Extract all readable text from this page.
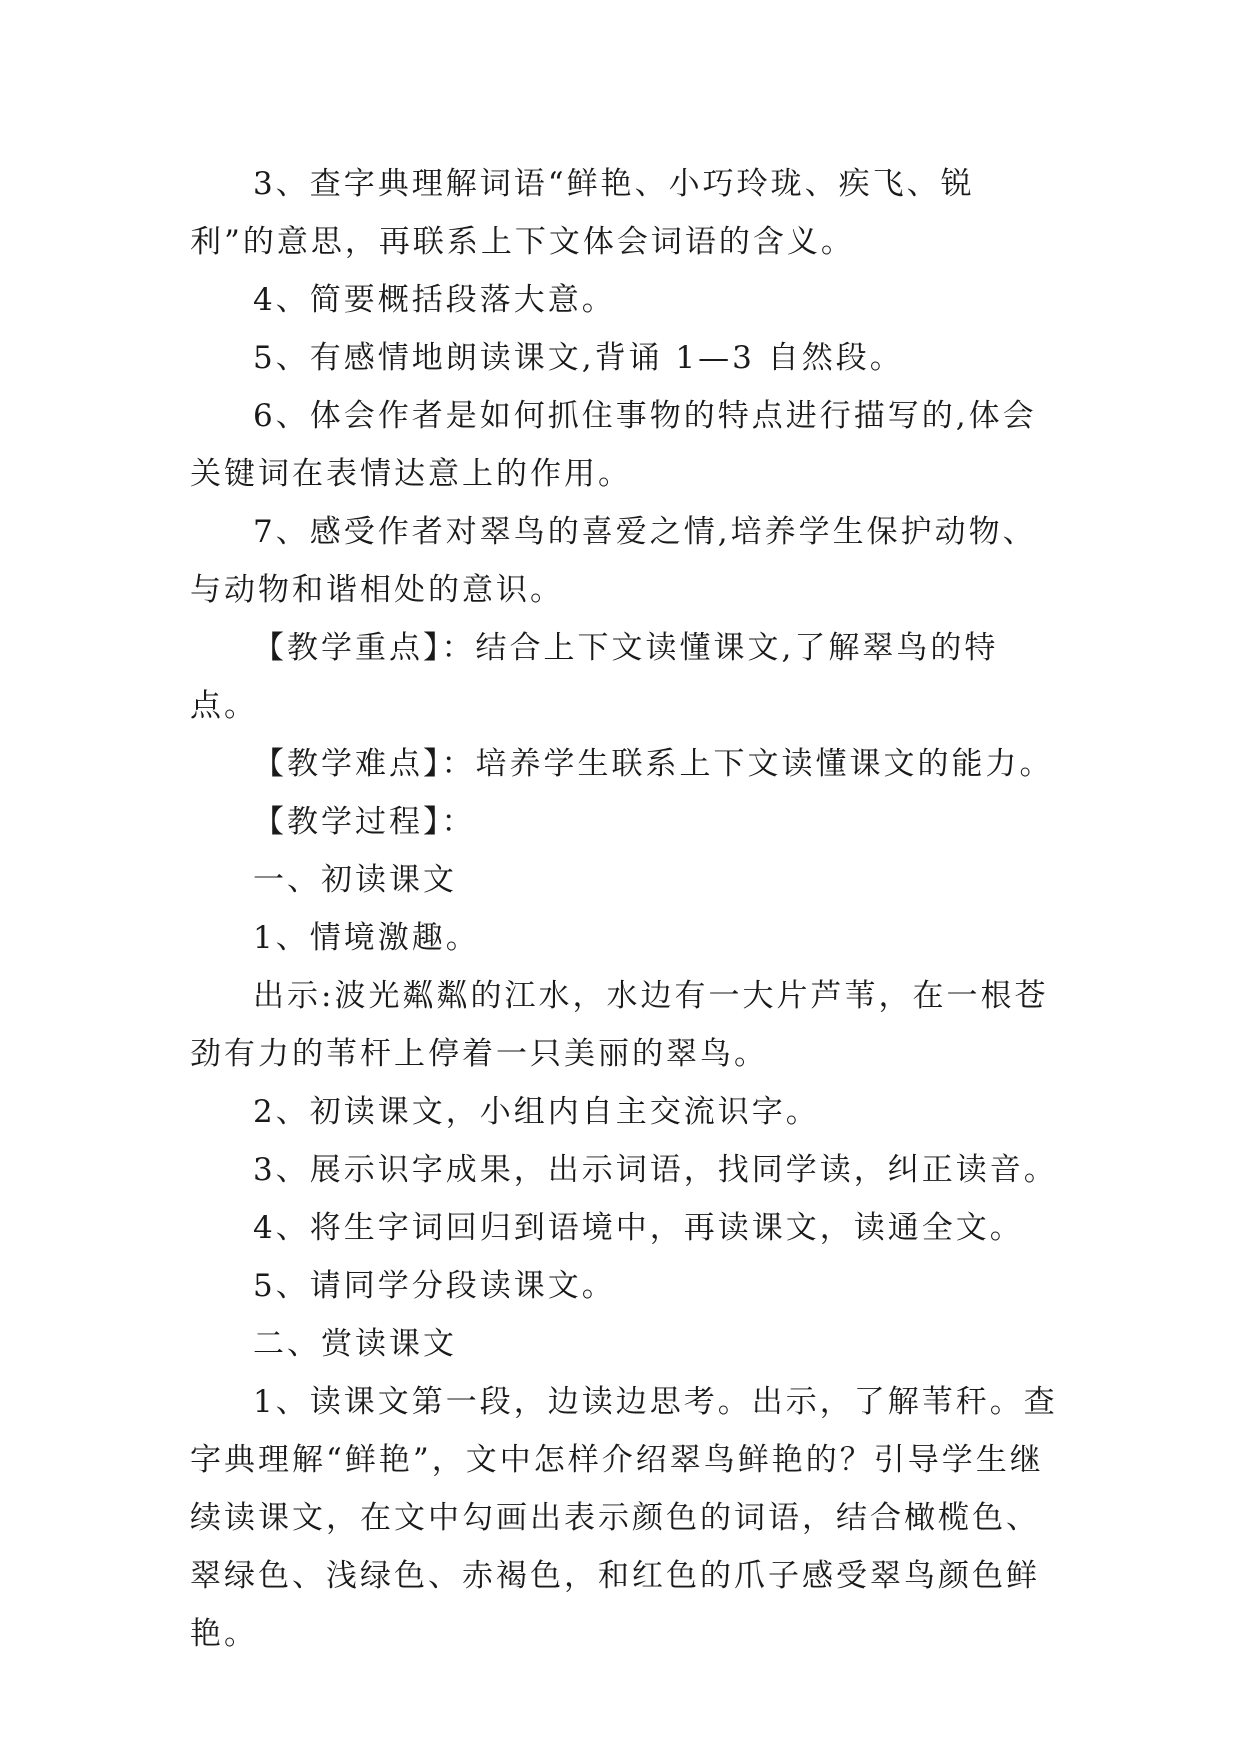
3、查字典理解词语“鲜艳、小巧玲珑、疾飞、锐利”的意思，再联系上下文体会词语的含义。

4、简要概括段落大意。

5、有感情地朗读课文,背诵 1—3 自然段。

6、体会作者是如何抓住事物的特点进行描写的,体会关键词在表情达意上的作用。

7、感受作者对翠鸟的喜爱之情,培养学生保护动物、与动物和谐相处的意识。

【教学重点】：结合上下文读懂课文,了解翠鸟的特点。

【教学难点】：培养学生联系上下文读懂课文的能力。

【教学过程】：

一、初读课文

1、情境激趣。

出示:波光粼粼的江水，水边有一大片芦苇，在一根苍劲有力的苇杆上停着一只美丽的翠鸟。

2、初读课文，小组内自主交流识字。

3、展示识字成果，出示词语，找同学读，纠正读音。

4、将生字词回归到语境中，再读课文，读通全文。

5、请同学分段读课文。

二、赏读课文

1、读课文第一段，边读边思考。出示，了解苇秆。查字典理解“鲜艳”，文中怎样介绍翠鸟鲜艳的？引导学生继续读课文，在文中勾画出表示颜色的词语，结合橄榄色、翠绿色、浅绿色、赤褐色，和红色的爪子感受翠鸟颜色鲜艳。
